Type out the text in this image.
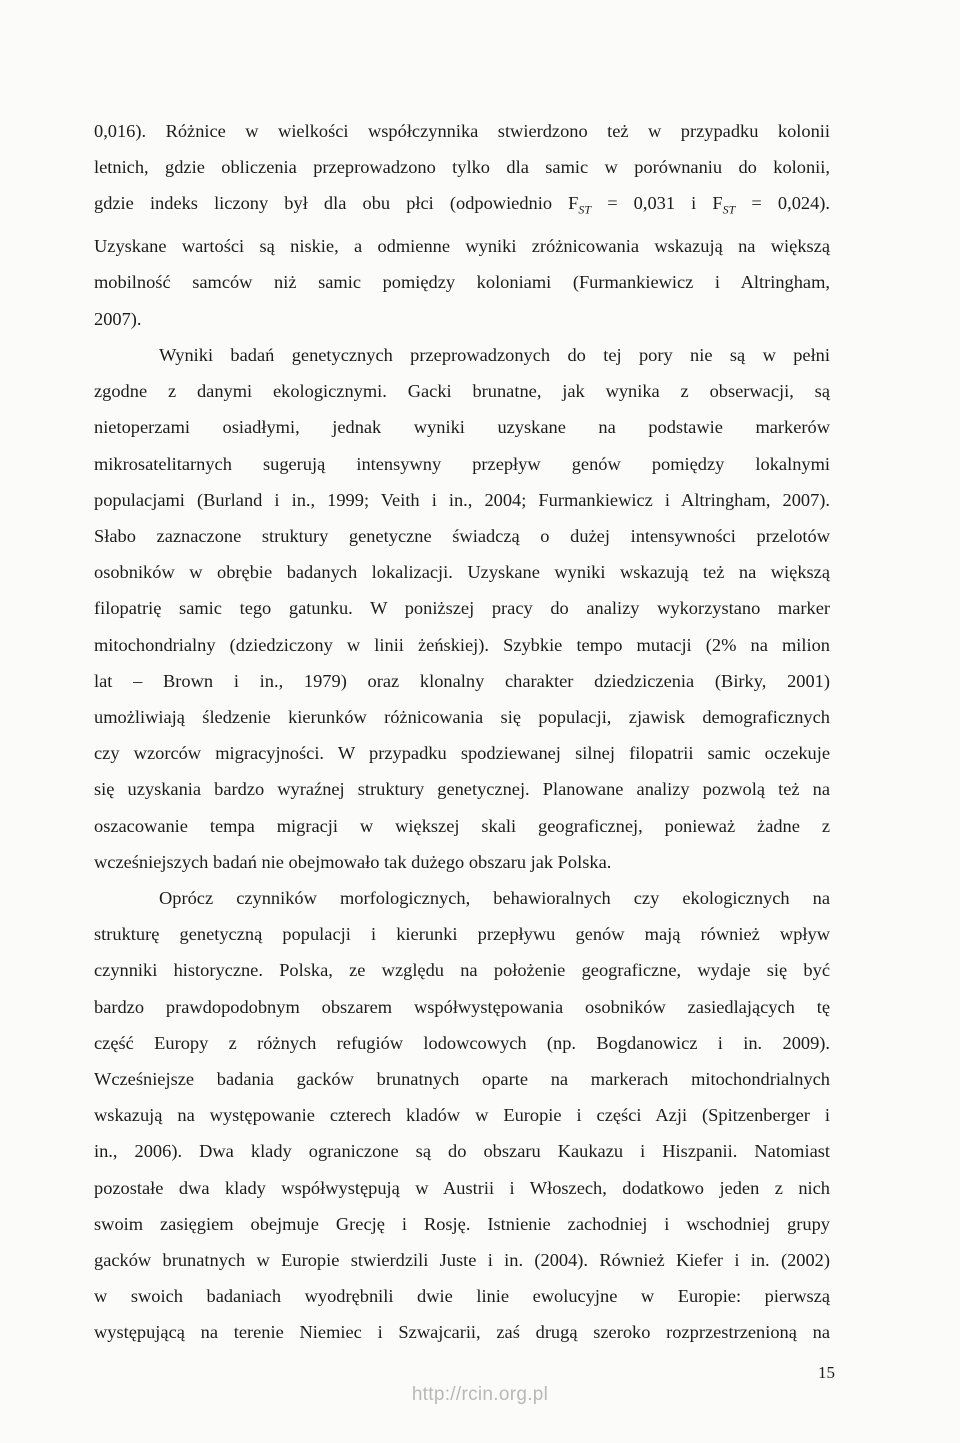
0,016). Różnice w wielkości współczynnika stwierdzono też w przypadku kolonii
letnich, gdzie obliczenia przeprowadzono tylko dla samic w porównaniu do kolonii,
gdzie indeks liczony był dla obu płci (odpowiednio $F_{ST} = 0,031$ i $F_{ST} = 0,024$).
Uzyskane wartości są niskie, a odmienne wyniki zróżnicowania wskazują na większą
mobilność samców niż samic pomiędzy koloniami (Furmankiewicz i Altringham,
2007).

Wyniki badań genetycznych przeprowadzonych do tej pory nie są w pełni
zgodne z danymi ekologicznymi. Gacki brunatne, jak wynika z obserwacji, są
nietoperzami osiadłymi, jednak wyniki uzyskane na podstawie markerów
mikrosatelitarnych sugerują intensywny przepływ genów pomiędzy lokalnymi
populacjami (Burland i in., 1999; Veith i in., 2004; Furmankiewicz i Altringham, 2007).
Słabo zaznaczone struktury genetyczne świadczą o dużej intensywności przelotów
osobników w obrębie badanych lokalizacji. Uzyskane wyniki wskazują też na większą
filopatrię samic tego gatunku. W poniższej pracy do analizy wykorzystano marker
mitochondrialny (dziedziczony w linii żeńskiej). Szybkie tempo mutacji (2% na milion
lat – Brown i in., 1979) oraz klonalny charakter dziedziczenia (Birky, 2001)
umożliwiają śledzenie kierunków różnicowania się populacji, zjawisk demograficznych
czy wzorców migracyjności. W przypadku spodziewanej silnej filopatrii samic oczekuje
się uzyskania bardzo wyraźnej struktury genetycznej. Planowane analizy pozwolą też na
oszacowanie tempa migracji w większej skali geograficznej, ponieważ żadne z
wcześniejszych badań nie obejmowało tak dużego obszaru jak Polska.

Oprócz czynników morfologicznych, behawioralnych czy ekologicznych na
strukturę genetyczną populacji i kierunki przepływu genów mają również wpływ
czynniki historyczne. Polska, ze względu na położenie geograficzne, wydaje się być
bardzo prawdopodobnym obszarem współwystępowania osobników zasiedlających tę
część Europy z różnych refugiów lodowcowych (np. Bogdanowicz i in. 2009).
Wcześniejsze badania gacków brunatnych oparte na markerach mitochondrialnych
wskazują na występowanie czterech kladów w Europie i części Azji (Spitzenberger i
in., 2006). Dwa klady ograniczone są do obszaru Kaukazu i Hiszpanii. Natomiast
pozostałe dwa klady współwystępują w Austrii i Włoszech, dodatkowo jeden z nich
swoim zasięgiem obejmuje Grecję i Rosję. Istnienie zachodniej i wschodniej grupy
gacków brunatnych w Europie stwierdzili Juste i in. (2004). Również Kiefer i in. (2002)
w swoich badaniach wyodrębnili dwie linie ewolucyjne w Europie: pierwszą
występującą na terenie Niemiec i Szwajcarii, zaś drugą szeroko rozprzestrzenioną na

15
http://rcin.org.pl
